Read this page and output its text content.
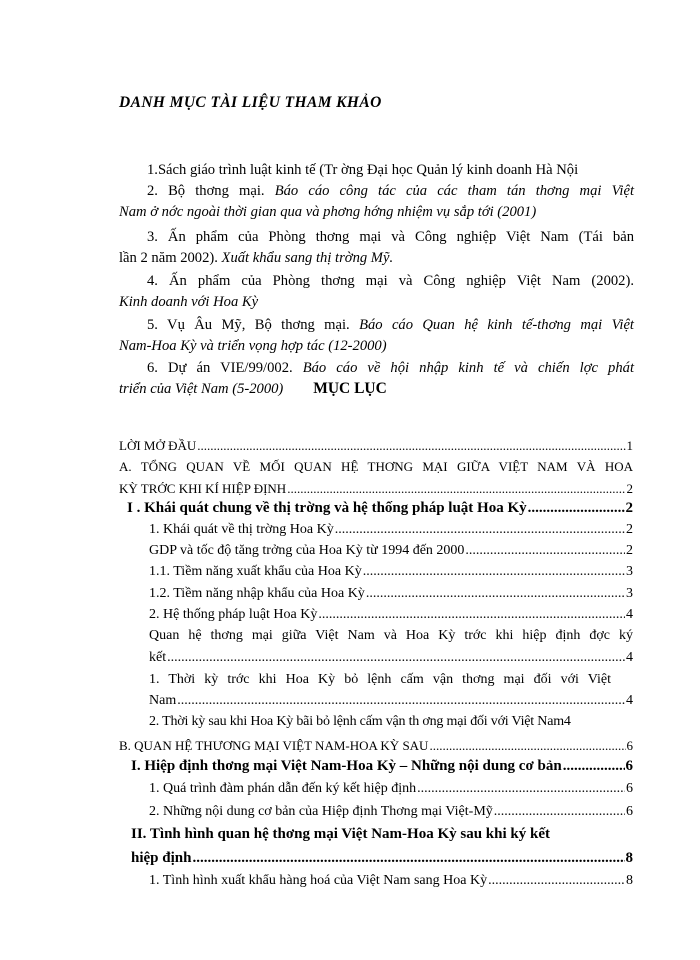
DANH MỤC TÀI LIỆU THAM KHẢO
1.Sách giáo trình luật kinh tế (Tr ờng Đại học Quản lý kinh doanh Hà Nội
2. Bộ thơng mại. Báo cáo công tác của các tham tán thơng mại Việt
Nam ở nớc ngoài thời gian qua và phơng hớng nhiệm vụ sắp tới (2001)
3. Ấn phẩm của Phòng thơng mại và Công nghiệp Việt Nam (Tái bản
lần 2 năm 2002). Xuất khẩu sang thị trờng Mỹ.
4. Ấn phẩm của Phòng thơng mại và Công nghiệp Việt Nam (2002).
Kinh doanh với Hoa Kỳ
5. Vụ Âu Mỹ, Bộ thơng mại. Báo cáo Quan hệ kinh tế-thơng mại Việt
Nam-Hoa Kỳ và triển vọng hợp tác (12-2000)
6. Dự án VIE/99/002. Báo cáo về hội nhập kinh tế và chiến lợc phát
triển của Việt Nam (5-2000)	MỤC LỤC
LỜI MỞ ĐẦU .....	1
A. TỔNG QUAN VỀ MỐI QUAN HỆ THƠNG MẠI GIỮA VIỆT NAM VÀ HOA
KỲ TRỚC KHI KÍ HIỆP ĐỊNH .....	2
I . Khái quát chung về thị trờng và hệ thống pháp luật Hoa Kỳ .....	2
1. Khái quát về thị trờng Hoa Kỳ .....	2
GDP và tốc độ tăng trởng của Hoa Kỳ từ 1994 đến 2000 .....	2
1.1. Tiềm năng xuất khẩu của Hoa Kỳ .....	3
1.2. Tiềm năng nhập khẩu của Hoa Kỳ .....	3
2. Hệ thống pháp luật Hoa Kỳ .....	4
Quan hệ thơng mại giữa Việt Nam và Hoa Kỳ trớc khi hiệp định đợc ký
kết .....	4
1. Thời kỳ trớc khi Hoa Kỳ bỏ lệnh cấm vận thơng mại đối với Việt
Nam .....	4
2. Thời kỳ sau khi Hoa Kỳ bãi bỏ lệnh cấm vận th ơng mại đối với Việt Nam 4
B. QUAN HỆ THƯƠNG MẠI VIỆT NAM-HOA KỲ SAU .....	6
I. Hiệp định thơng mại Việt Nam-Hoa Kỳ – Những nội dung cơ bản .....	6
1. Quá trình đàm phán dẫn đến ký kết hiệp định .....	6
2. Những nội dung cơ bản của Hiệp định Thơng mại Việt-Mỹ .....	6
II. Tình hình quan hệ thơng mại Việt Nam-Hoa Kỳ sau khi ký kết
hiệp định .....	8
1. Tình hình xuất khẩu hàng hoá của Việt Nam sang Hoa Kỳ .....	8
